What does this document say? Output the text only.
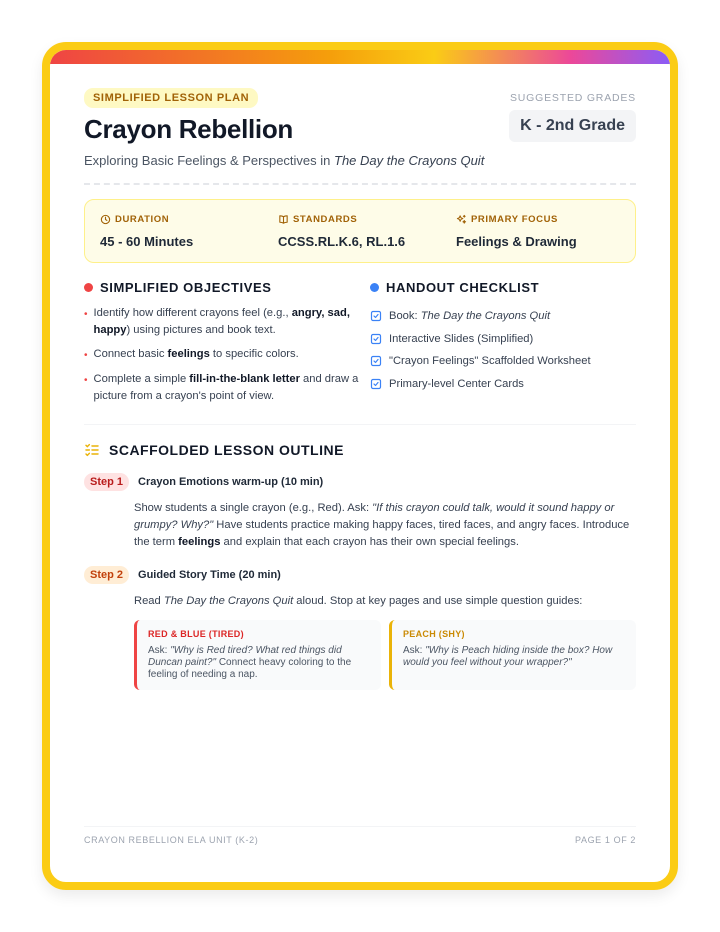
SIMPLIFIED LESSON PLAN
Crayon Rebellion

Exploring Basic Feelings & Perspectives in The Day the Crayons Quit

SUGGESTED GRADES
K - 2nd Grade
DURATION
45 - 60 Minutes
STANDARDS
CCSS.RL.K.6, RL.1.6
PRIMARY FOCUS
Feelings & Drawing
SIMPLIFIED OBJECTIVES
• Identify how different crayons feel (e.g., angry, sad, happy) using pictures and book text.
• Connect basic feelings to specific colors.
• Complete a simple fill-in-the-blank letter and draw a picture from a crayon's point of view.
HANDOUT CHECKLIST
Book: The Day the Crayons Quit
Interactive Slides (Simplified)
"Crayon Feelings" Scaffolded Worksheet
Primary-level Center Cards
SCAFFOLDED LESSON OUTLINE
Step 1	Crayon Emotions warm-up (10 min)

Show students a single crayon (e.g., Red). Ask: "If this crayon could talk, would it sound happy or grumpy? Why?" Have students practice making happy faces, tired faces, and angry faces. Introduce the term feelings and explain that each crayon has their own special feelings.

Step 2	Guided Story Time (20 min)

Read The Day the Crayons Quit aloud. Stop at key pages and use simple question guides:

RED & BLUE (TIRED)

Ask: "Why is Red tired? What red things did Duncan paint?" Connect heavy coloring to the feeling of needing a nap.

PEACH (SHY)

Ask: "Why is Peach hiding inside the box? How would you feel without your wrapper?"

CRAYON REBELLION ELA UNIT (K-2)	PAGE 1 OF 2
